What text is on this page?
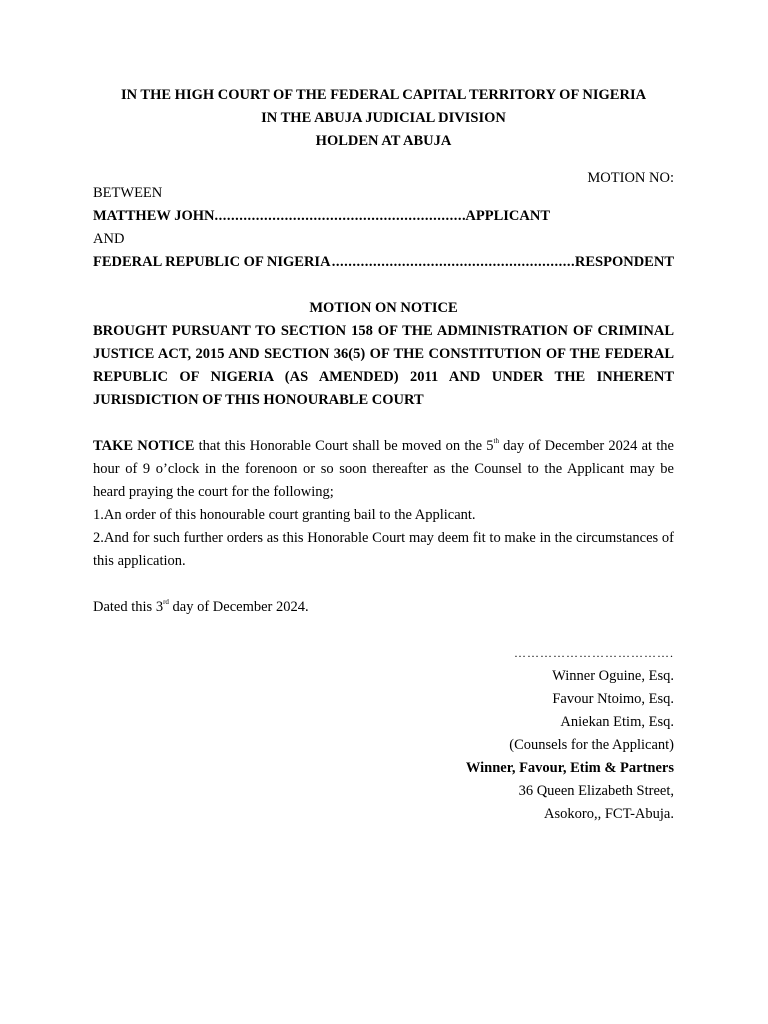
IN THE HIGH COURT OF THE FEDERAL CAPITAL TERRITORY OF NIGERIA
IN THE ABUJA JUDICIAL DIVISION
HOLDEN AT ABUJA
MOTION NO:
BETWEEN
MATTHEW JOHN .....	APPLICANT
AND
FEDERAL REPUBLIC OF NIGERIA .....	RESPONDENT
MOTION ON NOTICE
BROUGHT PURSUANT TO SECTION 158 OF THE ADMINISTRATION OF CRIMINAL JUSTICE ACT, 2015 AND SECTION 36(5) OF THE CONSTITUTION OF THE FEDERAL REPUBLIC OF NIGERIA (AS AMENDED) 2011 AND UNDER THE INHERENT JURISDICTION OF THIS HONOURABLE COURT
TAKE NOTICE that this Honorable Court shall be moved on the 5th day of December 2024 at the hour of 9 o’clock in the forenoon or so soon thereafter as the Counsel to the Applicant may be heard praying the court for the following;
1.An order of this honourable court granting bail to the Applicant.
2.And for such further orders as this Honorable Court may deem fit to make in the circumstances of this application.
Dated this 3rd day of December 2024.
……………………………….
Winner Oguine, Esq.
Favour Ntoimo, Esq.
Aniekan Etim, Esq.
(Counsels for the Applicant)
Winner, Favour, Etim & Partners
36 Queen Elizabeth Street,
Asokoro,, FCT-Abuja.
